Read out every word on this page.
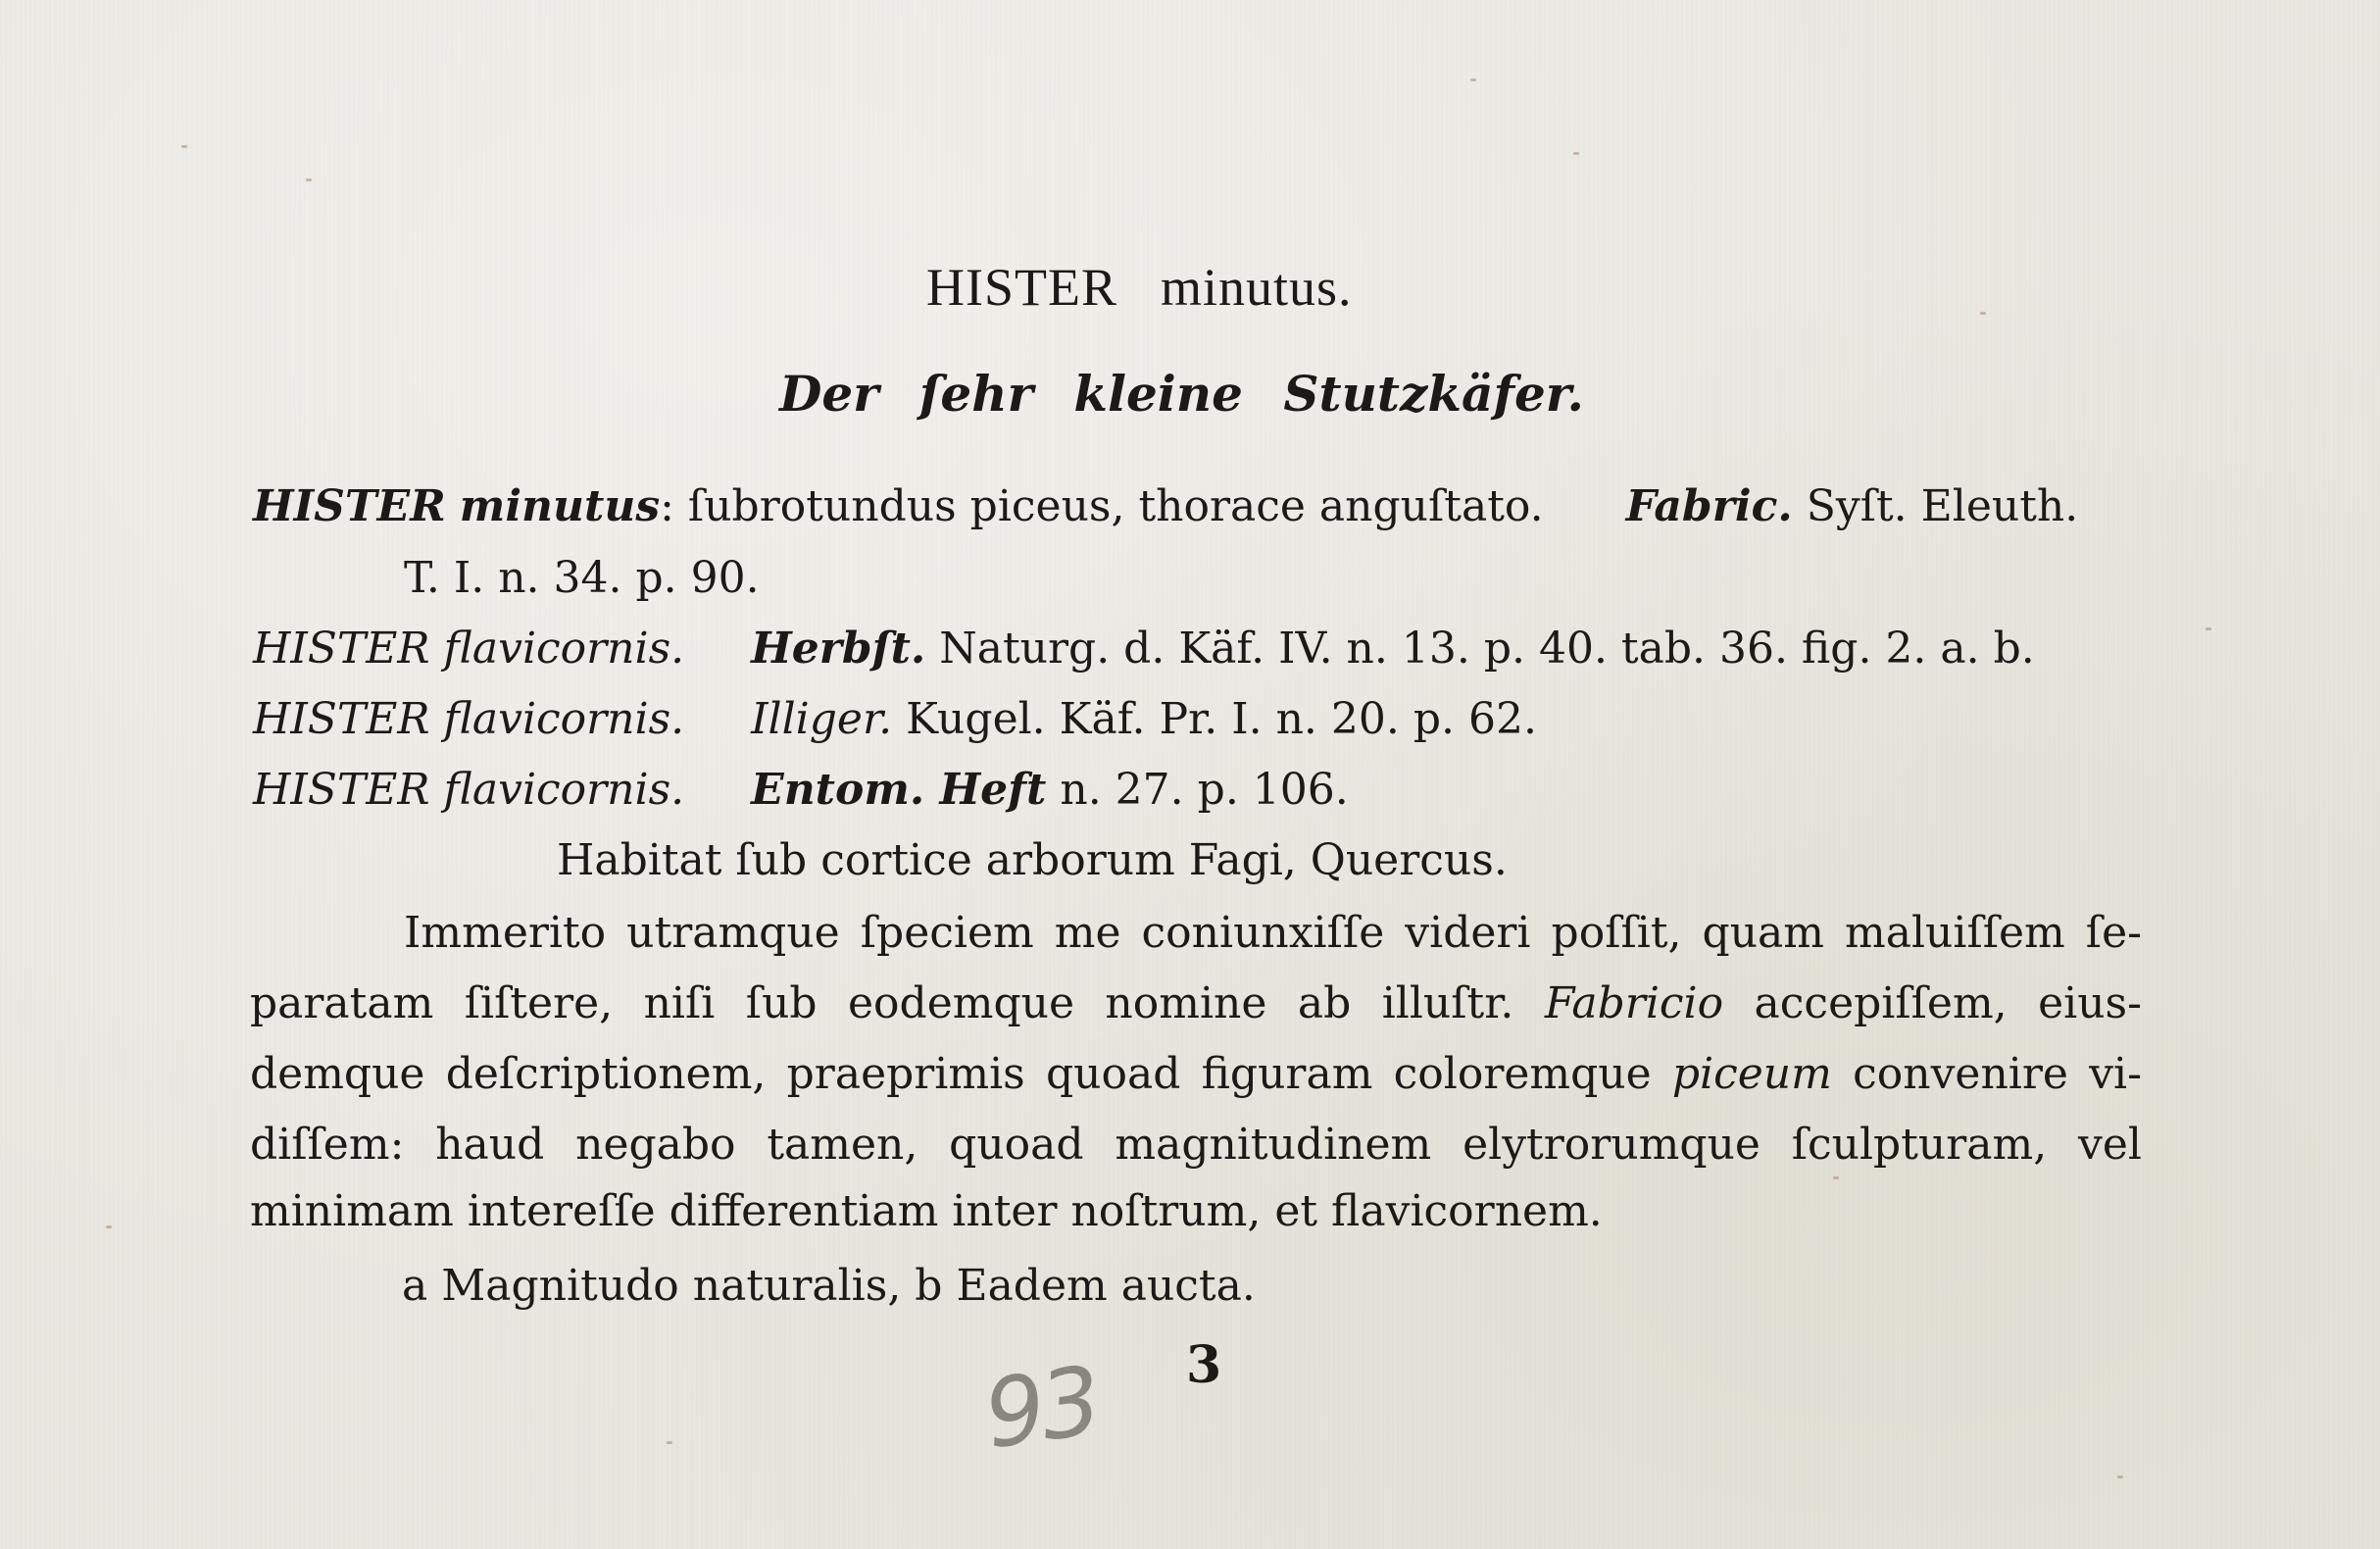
HISTER minutus.
Der ſehr kleine Stutzkäfer.
HISTER minutus: ſubrotundus piceus, thorace anguſtato. Fabric. Syſt. Eleuth.
T. I. n. 34. p. 90.
HISTER flavicornis. Herbſt. Naturg. d. Käf. IV. n. 13. p. 40. tab. 36. fig. 2. a. b.
HISTER flavicornis. Illiger. Kugel. Käf. Pr. I. n. 20. p. 62.
HISTER flavicornis. Entom. Heft n. 27. p. 106.
Habitat ſub cortice arborum Fagi, Quercus.
Immerito utramque ſpeciem me coniunxiſſe videri poſſit, quam maluiſſem ſe-
paratam ſiſtere, niſi ſub eodemque nomine ab illuſtr. Fabricio accepiſſem, eius-
demque deſcriptionem, praeprimis quoad figuram coloremque piceum convenire vi-
diſſem: haud negabo tamen, quoad magnitudinem elytrorumque ſculpturam, vel
minimam intereſſe differentiam inter noſtrum, et flavicornem.
a Magnitudo naturalis, b Eadem aucta.
93 3
